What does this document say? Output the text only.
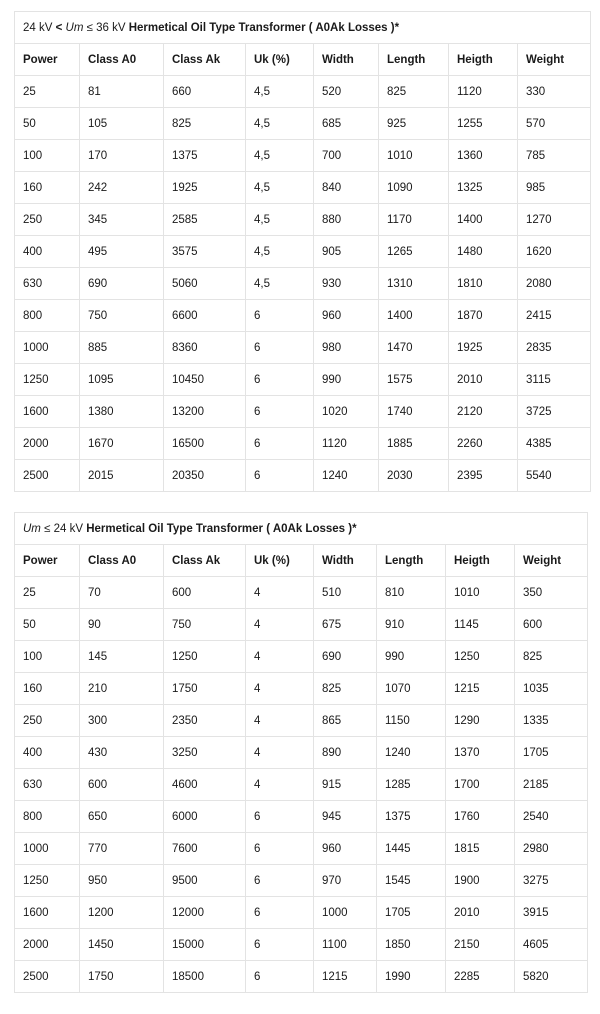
24 kV < Um ≤ 36 kV Hermetical Oil Type Transformer ( A0Ak Losses )*							
Power	Class A0	Class Ak	Uk (%)	Width	Length	Heigth	Weight
25	81	660	4,5	520	825	1120	330
50	105	825	4,5	685	925	1255	570
100	170	1375	4,5	700	1010	1360	785
160	242	1925	4,5	840	1090	1325	985
250	345	2585	4,5	880	1170	1400	1270
400	495	3575	4,5	905	1265	1480	1620
630	690	5060	4,5	930	1310	1810	2080
800	750	6600	6	960	1400	1870	2415
1000	885	8360	6	980	1470	1925	2835
1250	1095	10450	6	990	1575	2010	3115
1600	1380	13200	6	1020	1740	2120	3725
2000	1670	16500	6	1120	1885	2260	4385
2500	2015	20350	6	1240	2030	2395	5540
Um ≤ 24 kV Hermetical Oil Type Transformer ( A0Ak Losses )*							
Power	Class A0	Class Ak	Uk (%)	Width	Length	Heigth	Weight
25	70	600	4	510	810	1010	350
50	90	750	4	675	910	1145	600
100	145	1250	4	690	990	1250	825
160	210	1750	4	825	1070	1215	1035
250	300	2350	4	865	1150	1290	1335
400	430	3250	4	890	1240	1370	1705
630	600	4600	4	915	1285	1700	2185
800	650	6000	6	945	1375	1760	2540
1000	770	7600	6	960	1445	1815	2980
1250	950	9500	6	970	1545	1900	3275
1600	1200	12000	6	1000	1705	2010	3915
2000	1450	15000	6	1100	1850	2150	4605
2500	1750	18500	6	1215	1990	2285	5820
